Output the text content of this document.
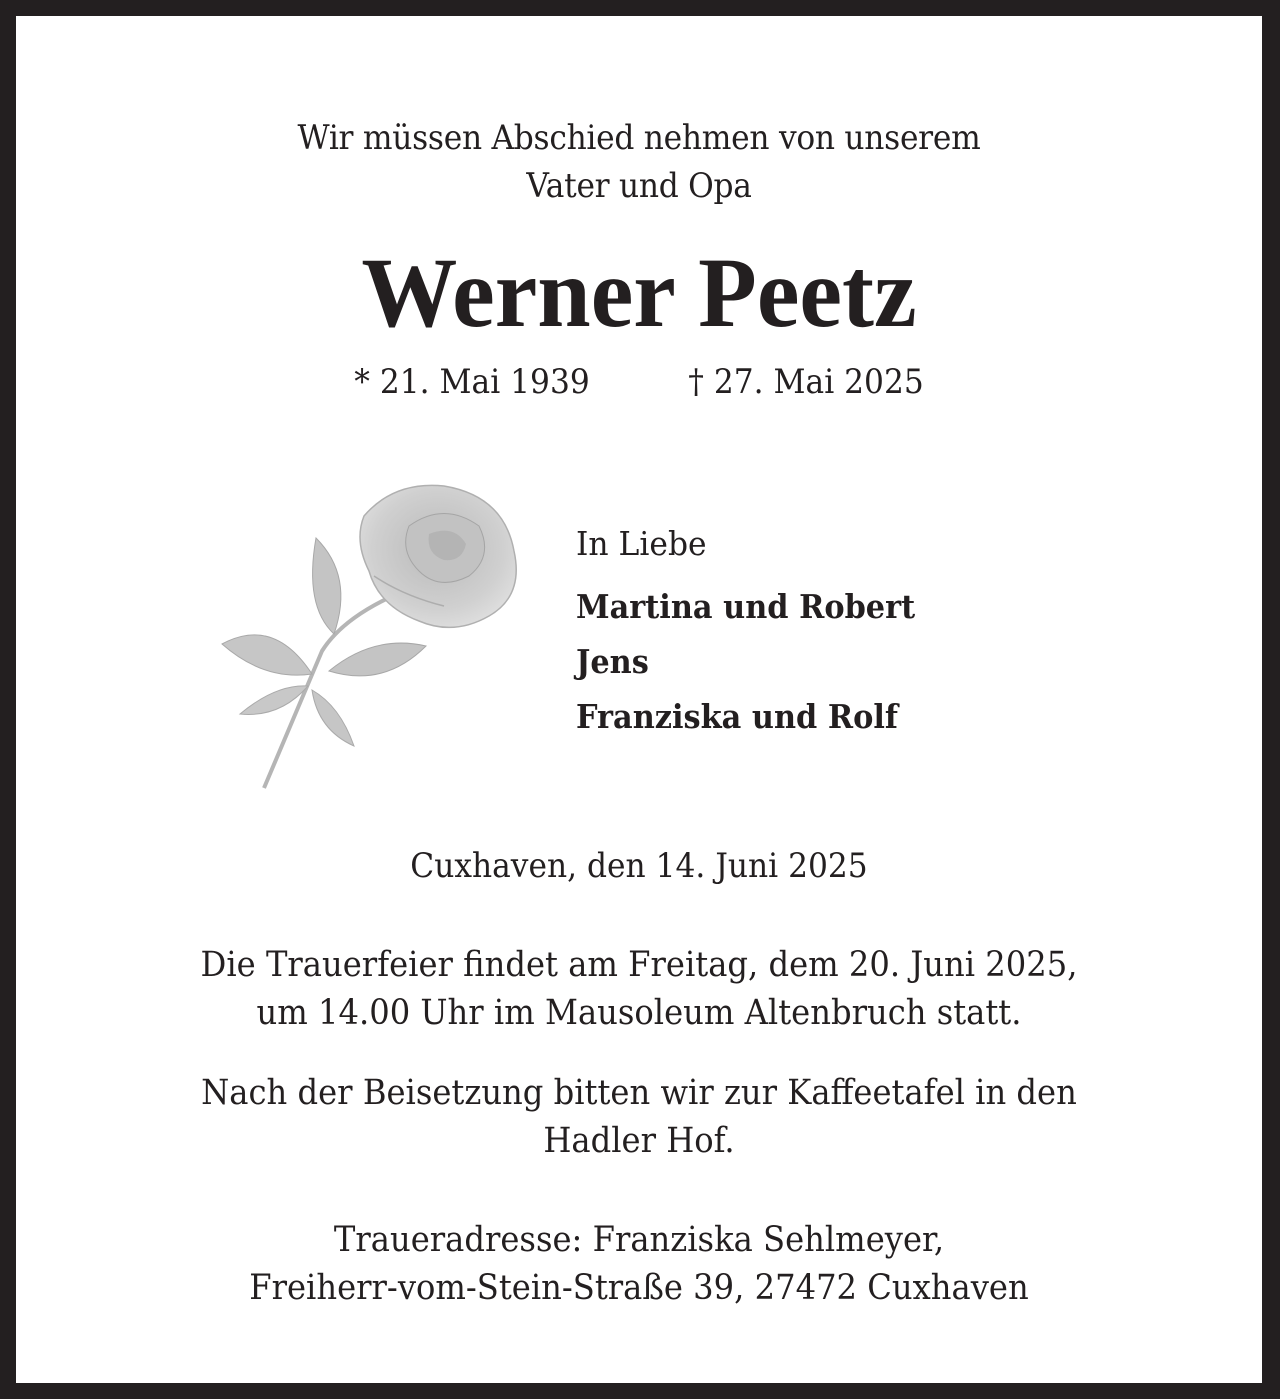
Wir müssen Abschied nehmen von unserem
Vater und Opa
Werner Peetz
* 21. Mai 1939	† 27. Mai 2025
In Liebe
Martina und Robert
Jens
Franziska und Rolf
Cuxhaven, den 14. Juni 2025
Die Trauerfeier findet am Freitag, dem 20. Juni 2025,
um 14.00 Uhr im Mausoleum Altenbruch statt.
Nach der Beisetzung bitten wir zur Kaffeetafel in den
Hadler Hof.
Traueradresse: Franziska Sehlmeyer,
Freiherr-vom-Stein-Straße 39, 27472 Cuxhaven
